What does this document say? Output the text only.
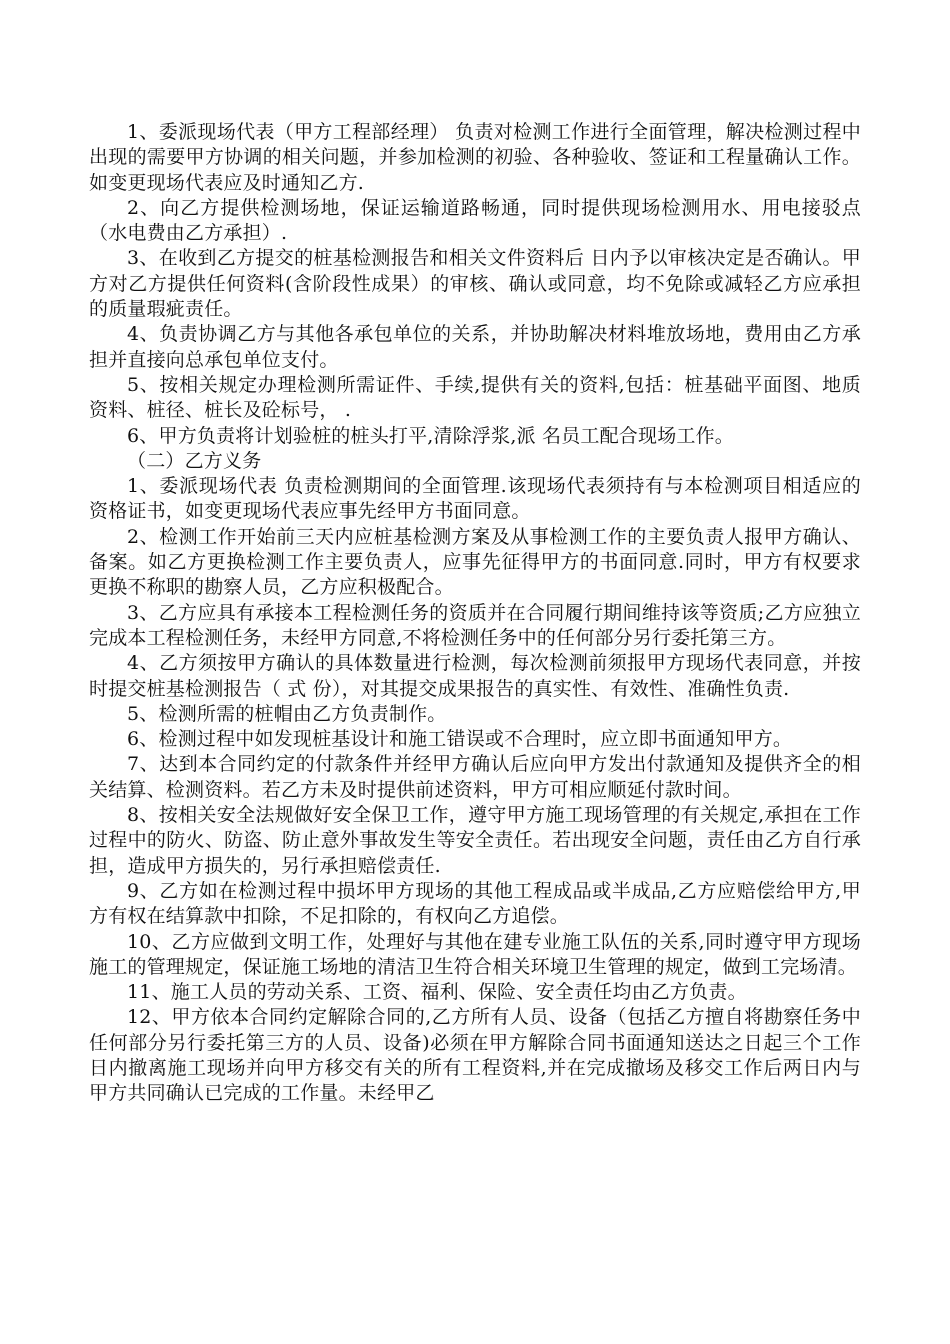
1、委派现场代表（甲方工程部经理） 负责对检测工作进行全面管理，解决检测过程中出现的需要甲方协调的相关问题，并参加检测的初验、各种验收、签证和工程量确认工作。如变更现场代表应及时通知乙方.

2、向乙方提供检测场地，保证运输道路畅通，同时提供现场检测用水、用电接驳点（水电费由乙方承担）.

3、在收到乙方提交的桩基检测报告和相关文件资料后 日内予以审核决定是否确认。甲方对乙方提供任何资料(含阶段性成果）的审核、确认或同意，均不免除或减轻乙方应承担的质量瑕疵责任。

4、负责协调乙方与其他各承包单位的关系，并协助解决材料堆放场地，费用由乙方承担并直接向总承包单位支付。

5、按相关规定办理检测所需证件、手续,提供有关的资料,包括：桩基础平面图、地质资料、桩径、桩长及砼标号， .

6、甲方负责将计划验桩的桩头打平,清除浮浆,派 名员工配合现场工作。

（二）乙方义务

1、委派现场代表 负责检测期间的全面管理.该现场代表须持有与本检测项目相适应的资格证书，如变更现场代表应事先经甲方书面同意。

2、检测工作开始前三天内应桩基检测方案及从事检测工作的主要负责人报甲方确认、备案。如乙方更换检测工作主要负责人，应事先征得甲方的书面同意.同时，甲方有权要求更换不称职的勘察人员，乙方应积极配合。

3、乙方应具有承接本工程检测任务的资质并在合同履行期间维持该等资质;乙方应独立完成本工程检测任务，未经甲方同意,不将检测任务中的任何部分另行委托第三方。

4、乙方须按甲方确认的具体数量进行检测，每次检测前须报甲方现场代表同意，并按时提交桩基检测报告（ 式 份），对其提交成果报告的真实性、有效性、准确性负责.

5、检测所需的桩帽由乙方负责制作。

6、检测过程中如发现桩基设计和施工错误或不合理时，应立即书面通知甲方。

7、达到本合同约定的付款条件并经甲方确认后应向甲方发出付款通知及提供齐全的相关结算、检测资料。若乙方未及时提供前述资料，甲方可相应顺延付款时间。

8、按相关安全法规做好安全保卫工作，遵守甲方施工现场管理的有关规定,承担在工作过程中的防火、防盗、防止意外事故发生等安全责任。若出现安全问题，责任由乙方自行承担，造成甲方损失的，另行承担赔偿责任.

9、乙方如在检测过程中损坏甲方现场的其他工程成品或半成品,乙方应赔偿给甲方,甲方有权在结算款中扣除，不足扣除的，有权向乙方追偿。

10、乙方应做到文明工作，处理好与其他在建专业施工队伍的关系,同时遵守甲方现场施工的管理规定，保证施工场地的清洁卫生符合相关环境卫生管理的规定，做到工完场清。

11、施工人员的劳动关系、工资、福利、保险、安全责任均由乙方负责。

12、甲方依本合同约定解除合同的,乙方所有人员、设备（包括乙方擅自将勘察任务中任何部分另行委托第三方的人员、设备)必须在甲方解除合同书面通知送达之日起三个工作日内撤离施工现场并向甲方移交有关的所有工程资料,并在完成撤场及移交工作后两日内与甲方共同确认已完成的工作量。未经甲乙
